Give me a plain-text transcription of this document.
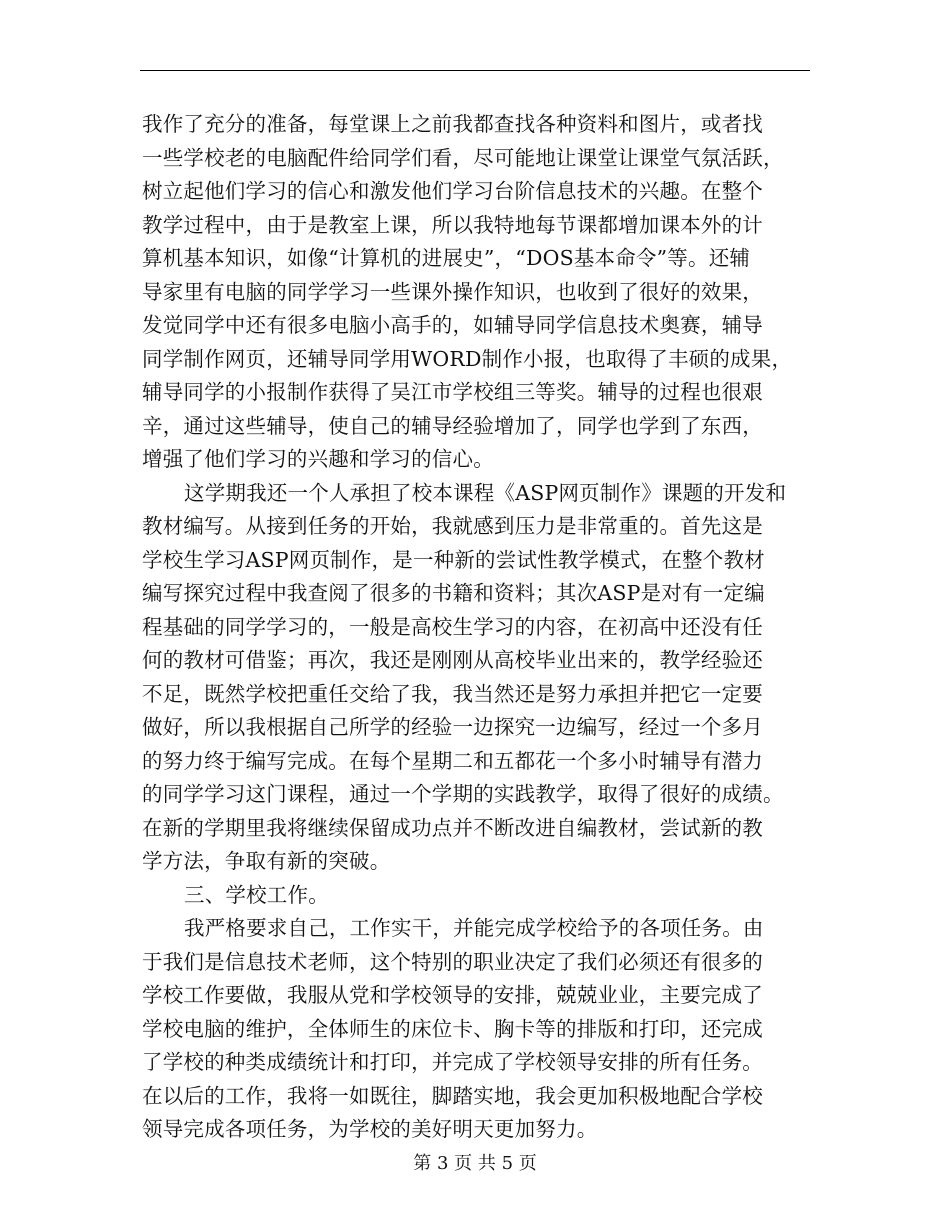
我作了充分的准备，每堂课上之前我都查找各种资料和图片，或者找
一些学校老的电脑配件给同学们看，尽可能地让课堂让课堂气氛活跃，
树立起他们学习的信心和激发他们学习台阶信息技术的兴趣。在整个
教学过程中，由于是教室上课，所以我特地每节课都增加课本外的计
算机基本知识，如像“计算机的进展史”，“DOS基本命令”等。还辅
导家里有电脑的同学学习一些课外操作知识，也收到了很好的效果，
发觉同学中还有很多电脑小高手的，如辅导同学信息技术奥赛，辅导
同学制作网页，还辅导同学用WORD制作小报，也取得了丰硕的成果，
辅导同学的小报制作获得了吴江市学校组三等奖。辅导的过程也很艰
辛，通过这些辅导，使自己的辅导经验增加了，同学也学到了东西，
增强了他们学习的兴趣和学习的信心。
这学期我还一个人承担了校本课程《ASP网页制作》课题的开发和
教材编写。从接到任务的开始，我就感到压力是非常重的。首先这是
学校生学习ASP网页制作，是一种新的尝试性教学模式，在整个教材
编写探究过程中我查阅了很多的书籍和资料；其次ASP是对有一定编
程基础的同学学习的，一般是高校生学习的内容，在初高中还没有任
何的教材可借鉴；再次，我还是刚刚从高校毕业出来的，教学经验还
不足，既然学校把重任交给了我，我当然还是努力承担并把它一定要
做好，所以我根据自己所学的经验一边探究一边编写，经过一个多月
的努力终于编写完成。在每个星期二和五都花一个多小时辅导有潜力
的同学学习这门课程，通过一个学期的实践教学，取得了很好的成绩。
在新的学期里我将继续保留成功点并不断改进自编教材，尝试新的教
学方法，争取有新的突破。
三、学校工作。
我严格要求自己，工作实干，并能完成学校给予的各项任务。由
于我们是信息技术老师，这个特别的职业决定了我们必须还有很多的
学校工作要做，我服从党和学校领导的安排，兢兢业业，主要完成了
学校电脑的维护，全体师生的床位卡、胸卡等的排版和打印，还完成
了学校的种类成绩统计和打印，并完成了学校领导安排的所有任务。
在以后的工作，我将一如既往，脚踏实地，我会更加积极地配合学校
领导完成各项任务，为学校的美好明天更加努力。
第 3 页 共 5 页
